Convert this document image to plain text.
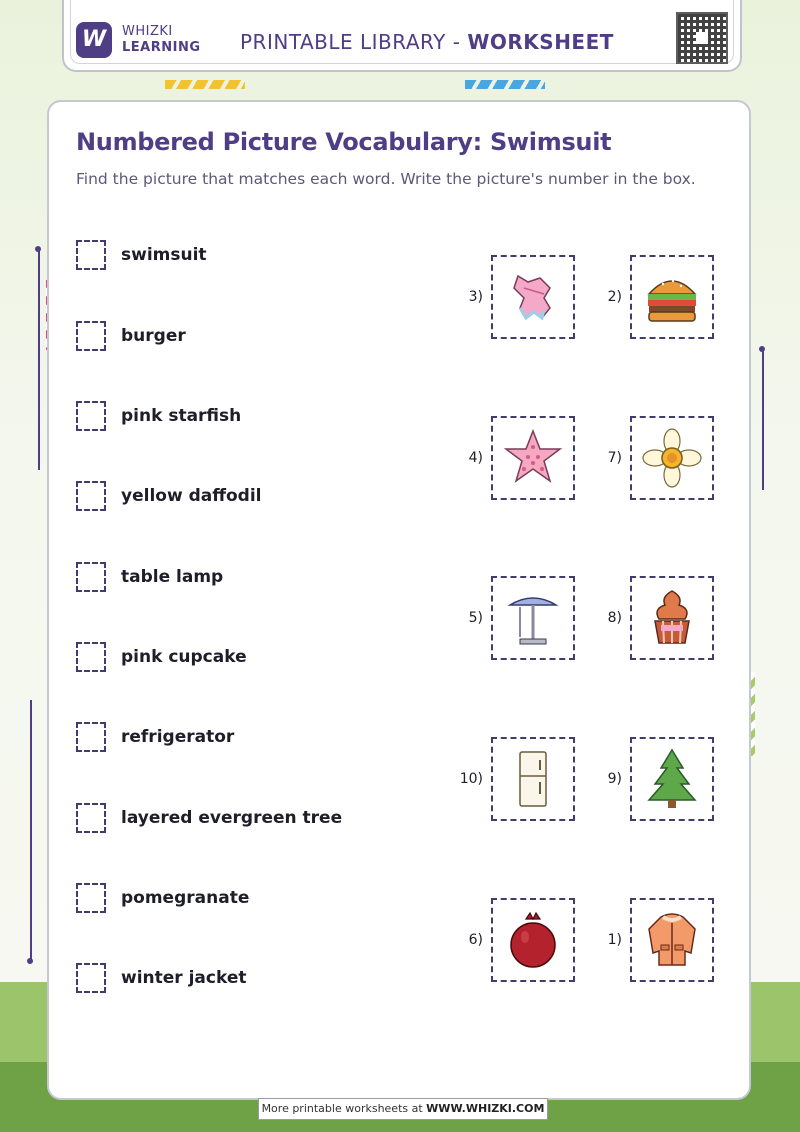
W	WHIZKI
LEARNING PRINTABLE LIBRARY - WORKSHEET
Numbered Picture Vocabulary: Swimsuit
Find the picture that matches each word. Write the picture's number in the box.
swimsuit
burger
pink starfish
yellow daffodil
table lamp
pink cupcake
refrigerator
layered evergreen tree
pomegranate
winter jacket
3)	2)
4)	7)
5)	8)
10)	9)
6)	1)
More printable worksheets at WWW.WHIZKI.COM
